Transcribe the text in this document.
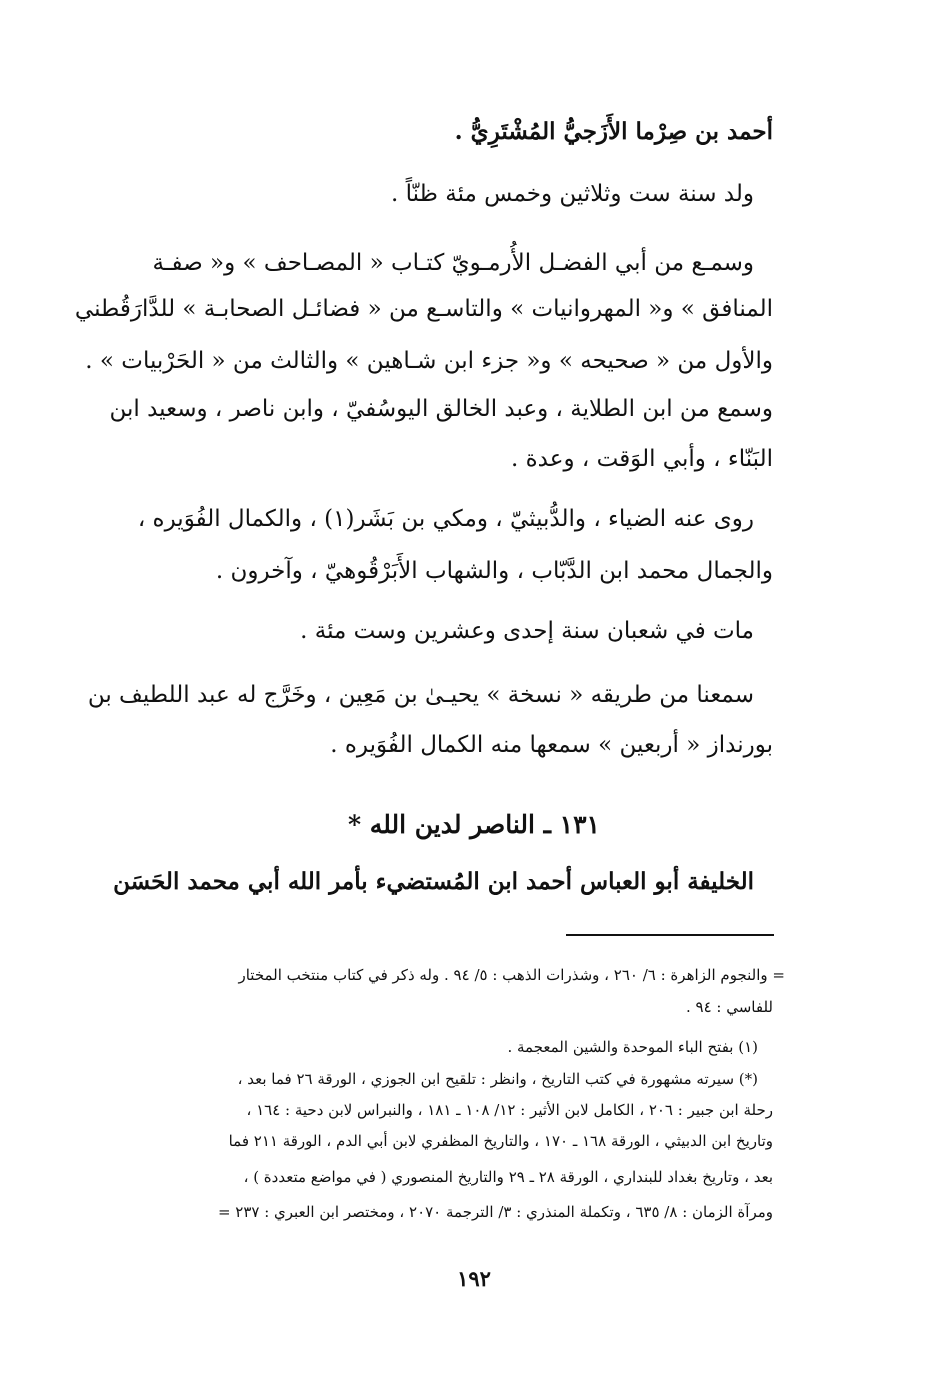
أحمد بن صِرْما الأَزَجيُّ المُشْتَرِيُّ .
ولد سنة ست وثلاثين وخمس مئة ظنّاً .
وسمـع من أبي الفضـل الأُرمـويّ كتـاب « المصـاحف » و« صفـة
المنافق » و« المهروانيات » والتاسـع من « فضائـل الصحابـة » للدَّارَقُطني
والأول من « صحيحه » و« جزء ابن شـاهين » والثالث من « الحَرْبيات » .
وسمع من ابن الطلاية ، وعبد الخالق اليوسُفيّ ، وابن ناصر ، وسعيد ابن
البَنّاء ، وأبي الوَقت ، وعدة .
روى عنه الضياء ، والدُّبيثيّ ، ومكي بن بَشَر(١) ، والكمال الفُوَيره ،
والجمال محمد ابن الدَّبّاب ، والشهاب الأَبَرْقُوهيّ ، وآخرون .
مات في شعبان سنة إحدى وعشرين وست مئة .
سمعنا من طريقه « نسخة » يحيـىٰ بن مَعِين ، وخَرَّج له عبد اللطيف بن
بورنداز « أربعين » سمعها منه الكمال الفُوَيره .
١٣١ ـ الناصر لدين الله *
الخليفة أبو العباس أحمد ابن المُستضيء بأمر الله أبي محمد الحَسَن
= والنجوم الزاهرة : ٦/ ٢٦٠ ، وشذرات الذهب : ٥/ ٩٤ . وله ذكر في كتاب منتخب المختار
للفاسي : ٩٤ .
(١) بفتح الباء الموحدة والشين المعجمة .
(*) سيرته مشهورة في كتب التاريخ ، وانظر : تلقيح ابن الجوزي ، الورقة ٢٦ فما بعد ،
رحلة ابن جبير : ٢٠٦ ، الكامل لابن الأثير : ١٢/ ١٠٨ ـ ١٨١ ، والنبراس لابن دحية : ١٦٤ ،
وتاريخ ابن الدبيثي ، الورقة ١٦٨ ـ ١٧٠ ، والتاريخ المظفري لابن أبي الدم ، الورقة ٢١١ فما
بعد ، وتاريخ بغداد للبنداري ، الورقة ٢٨ ـ ٢٩ والتاريخ المنصوري ( في مواضع متعددة ) ،
ومرآة الزمان : ٨/ ٦٣٥ ، وتكملة المنذري : ٣/ الترجمة ٢٠٧٠ ، ومختصر ابن العبري : ٢٣٧ =
١٩٢
